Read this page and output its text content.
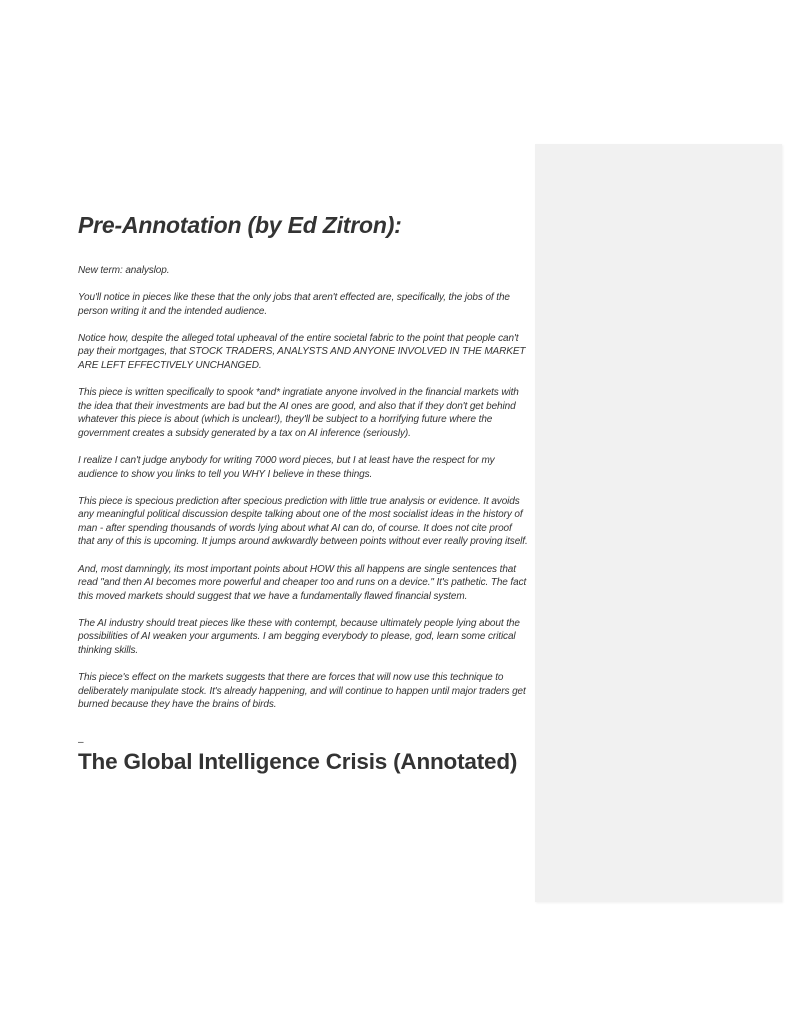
Pre-Annotation (by Ed Zitron):

New term: analyslop.

You'll notice in pieces like these that the only jobs that aren't effected are, specifically, the jobs of the person writing it and the intended audience.

Notice how, despite the alleged total upheaval of the entire societal fabric to the point that people can't pay their mortgages, that STOCK TRADERS, ANALYSTS AND ANYONE INVOLVED IN THE MARKET ARE LEFT EFFECTIVELY UNCHANGED.

This piece is written specifically to spook *and* ingratiate anyone involved in the financial markets with the idea that their investments are bad but the AI ones are good, and also that if they don't get behind whatever this piece is about (which is unclear!), they'll be subject to a horrifying future where the government creates a subsidy generated by a tax on AI inference (seriously).

I realize I can't judge anybody for writing 7000 word pieces, but I at least have the respect for my audience to show you links to tell you WHY I believe in these things.

This piece is specious prediction after specious prediction with little true analysis or evidence. It avoids any meaningful political discussion despite talking about one of the most socialist ideas in the history of man - after spending thousands of words lying about what AI can do, of course. It does not cite proof that any of this is upcoming. It jumps around awkwardly between points without ever really proving itself.

And, most damningly, its most important points about HOW this all happens are single sentences that read "and then AI becomes more powerful and cheaper too and runs on a device." It's pathetic. The fact this moved markets should suggest that we have a fundamentally flawed financial system.

The AI industry should treat pieces like these with contempt, because ultimately people lying about the possibilities of AI weaken your arguments. I am begging everybody to please, god, learn some critical thinking skills.

This piece's effect on the markets suggests that there are forces that will now use this technique to deliberately manipulate stock. It's already happening, and will continue to happen until major traders get burned because they have the brains of birds.

–
The Global Intelligence Crisis (Annotated)
